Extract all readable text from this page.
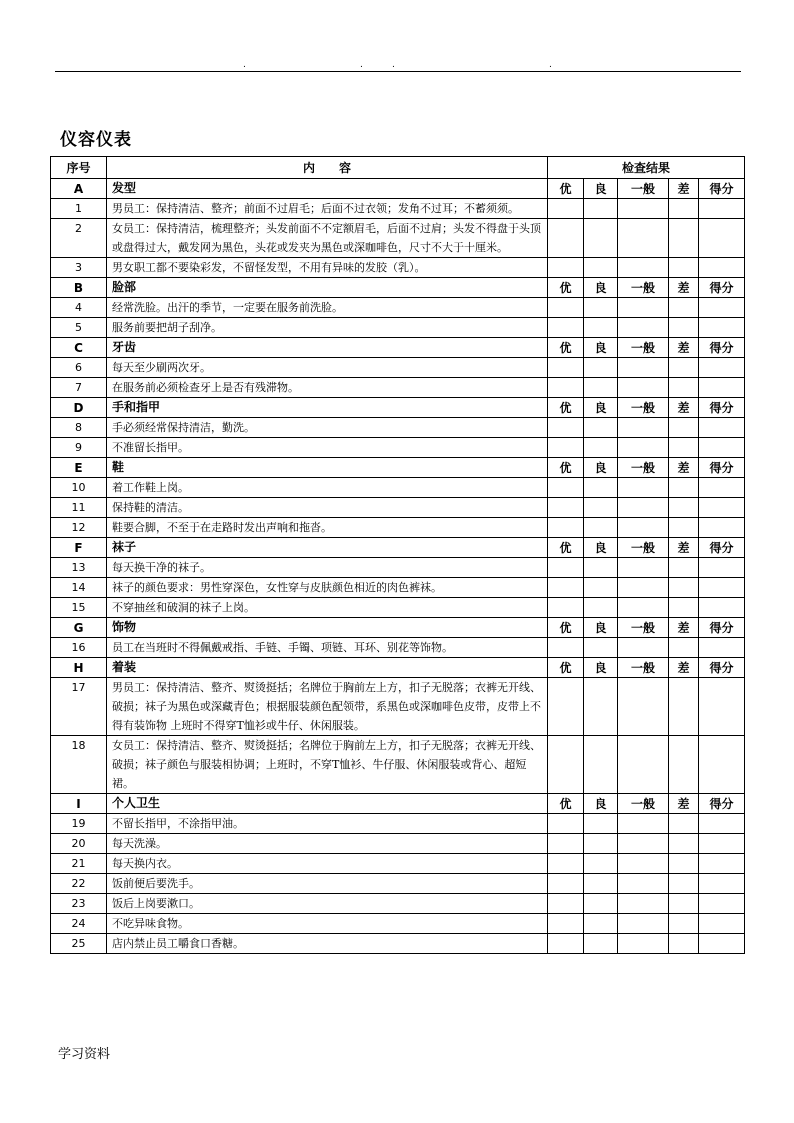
.	.	.	.
仪容仪表
序号	内　　容	检查结果				
A	发型	优	良	一般	差	得分
1	男员工：保持清洁、整齐；前面不过眉毛；后面不过衣领；发角不过耳；不蓄须须。					
2	女员工：保持清洁，梳理整齐；头发前面不不定额眉毛，后面不过肩；头发不得盘于头顶或盘得过大，戴发网为黑色，头花或发夹为黑色或深咖啡色，尺寸不大于十厘米。					
3	男女职工都不要染彩发，不留怪发型，不用有异味的发胶（乳）。					
B	脸部	优	良	一般	差	得分
4	经常洗脸。出汗的季节，一定要在服务前洗脸。					
5	服务前要把胡子刮净。					
C	牙齿	优	良	一般	差	得分
6	每天至少刷两次牙。					
7	在服务前必须检查牙上是否有残滞物。					
D	手和指甲	优	良	一般	差	得分
8	手必须经常保持清洁，勤洗。					
9	不准留长指甲。					
E	鞋	优	良	一般	差	得分
10	着工作鞋上岗。					
11	保持鞋的清洁。					
12	鞋要合脚，不至于在走路时发出声响和拖沓。					
F	袜子	优	良	一般	差	得分
13	每天换干净的袜子。					
14	袜子的颜色要求：男性穿深色，女性穿与皮肤颜色相近的肉色裤袜。					
15	不穿抽丝和破洞的袜子上岗。					
G	饰物	优	良	一般	差	得分
16	员工在当班时不得佩戴戒指、手链、手镯、项链、耳环、别花等饰物。					
H	着装	优	良	一般	差	得分
17	男员工：保持清洁、整齐、熨烫挺括；名牌位于胸前左上方，扣子无脱落；衣裤无开线、破损；袜子为黑色或深藏青色；根据服装颜色配领带，系黑色或深咖啡色皮带，皮带上不得有装饰物 上班时不得穿T恤衫或牛仔、休闲服装。					
18	女员工：保持清洁、整齐、熨烫挺括；名牌位于胸前左上方，扣子无脱落；衣裤无开线、破损；袜子颜色与服装相协调；上班时，不穿T恤衫、牛仔服、休闲服装或背心、超短裙。					
I	个人卫生	优	良	一般	差	得分
19	不留长指甲，不涂指甲油。					
20	每天洗澡。					
21	每天换内衣。					
22	饭前便后要洗手。					
23	饭后上岗要漱口。					
24	不吃异味食物。					
25	店内禁止员工嚼食口香糖。					
学习资料
